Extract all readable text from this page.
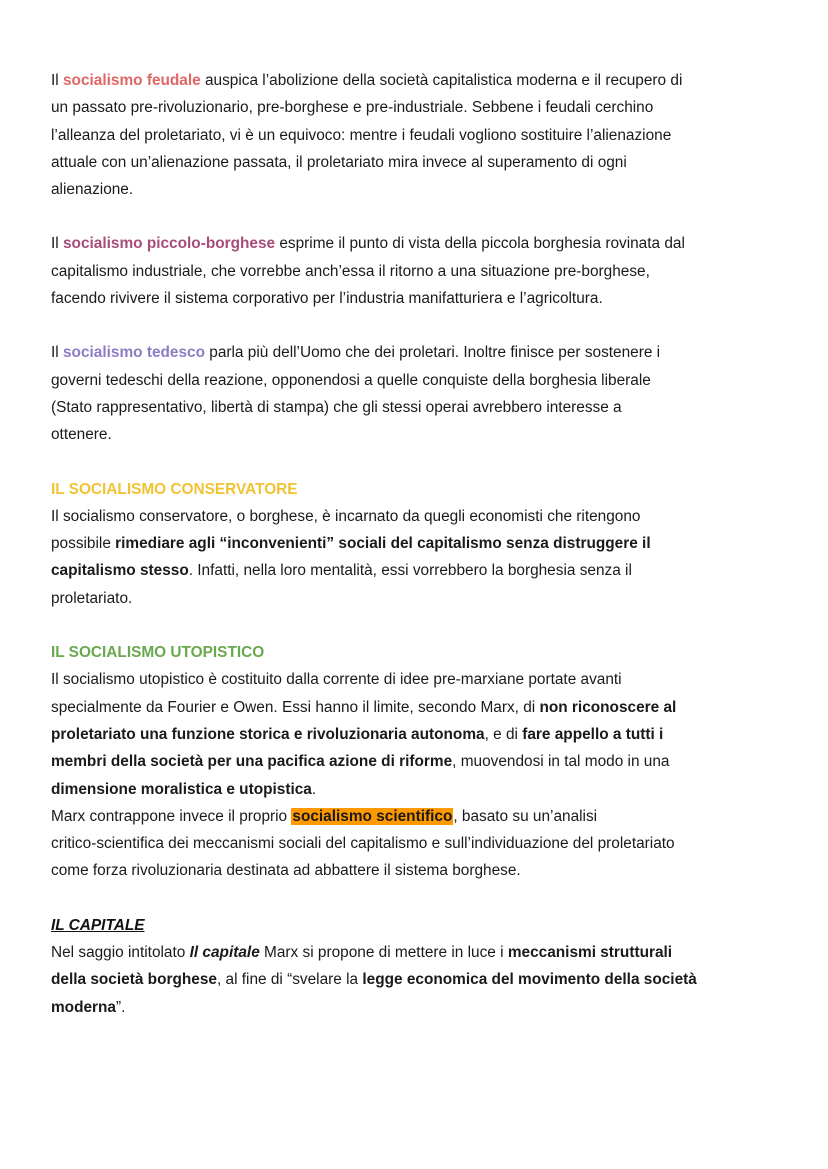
Il socialismo feudale auspica l’abolizione della società capitalistica moderna e il recupero di

un passato pre-rivoluzionario, pre-borghese e pre-industriale. Sebbene i feudali cerchino

l’alleanza del proletariato, vi è un equivoco: mentre i feudali vogliono sostituire l’alienazione

attuale con un’alienazione passata, il proletariato mira invece al superamento di ogni

alienazione.

Il socialismo piccolo-borghese esprime il punto di vista della piccola borghesia rovinata dal

capitalismo industriale, che vorrebbe anch’essa il ritorno a una situazione pre-borghese,

facendo rivivere il sistema corporativo per l’industria manifatturiera e l’agricoltura.

Il socialismo tedesco parla più dell’Uomo che dei proletari. Inoltre finisce per sostenere i

governi tedeschi della reazione, opponendosi a quelle conquiste della borghesia liberale

(Stato rappresentativo, libertà di stampa) che gli stessi operai avrebbero interesse a

ottenere.

IL SOCIALISMO CONSERVATORE

Il socialismo conservatore, o borghese, è incarnato da quegli economisti che ritengono

possibile rimediare agli “inconvenienti” sociali del capitalismo senza distruggere il

capitalismo stesso. Infatti, nella loro mentalità, essi vorrebbero la borghesia senza il

proletariato.

IL SOCIALISMO UTOPISTICO

Il socialismo utopistico è costituito dalla corrente di idee pre-marxiane portate avanti

specialmente da Fourier e Owen. Essi hanno il limite, secondo Marx, di non riconoscere al

proletariato una funzione storica e rivoluzionaria autonoma, e di fare appello a tutti i

membri della società per una pacifica azione di riforme, muovendosi in tal modo in una

dimensione moralistica e utopistica.

Marx contrappone invece il proprio socialismo scientifico, basato su un’analisi

critico-scientifica dei meccanismi sociali del capitalismo e sull’individuazione del proletariato

come forza rivoluzionaria destinata ad abbattere il sistema borghese.

IL CAPITALE

Nel saggio intitolato Il capitale Marx si propone di mettere in luce i meccanismi strutturali

della società borghese, al fine di “svelare la legge economica del movimento della società

moderna”.
